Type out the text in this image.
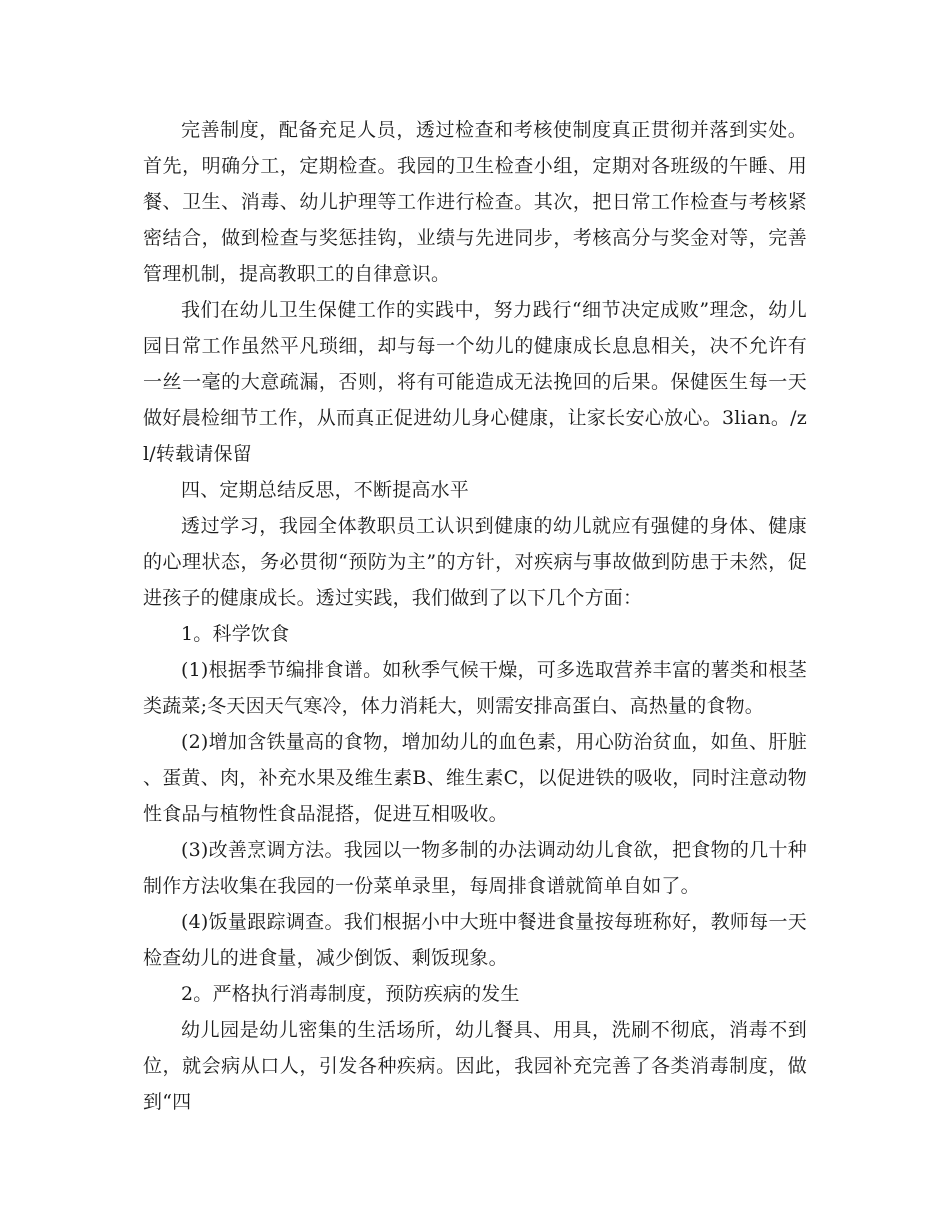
完善制度，配备充足人员，透过检查和考核使制度真正贯彻并落到实处。首先，明确分工，定期检查。我园的卫生检查小组，定期对各班级的午睡、用餐、卫生、消毒、幼儿护理等工作进行检查。其次，把日常工作检查与考核紧密结合，做到检查与奖惩挂钩，业绩与先进同步，考核高分与奖金对等，完善管理机制，提高教职工的自律意识。

我们在幼儿卫生保健工作的实践中，努力践行“细节决定成败”理念，幼儿园日常工作虽然平凡琐细，却与每一个幼儿的健康成长息息相关，决不允许有一丝一毫的大意疏漏，否则，将有可能造成无法挽回的后果。保健医生每一天做好晨检细节工作，从而真正促进幼儿身心健康，让家长安心放心。3lian。/zl/转载请保留

四、定期总结反思，不断提高水平

透过学习，我园全体教职员工认识到健康的幼儿就应有强健的身体、健康的心理状态，务必贯彻“预防为主”的方针，对疾病与事故做到防患于未然，促进孩子的健康成长。透过实践，我们做到了以下几个方面：

1。科学饮食

(1)根据季节编排食谱。如秋季气候干燥，可多选取营养丰富的薯类和根茎类蔬菜;冬天因天气寒冷，体力消耗大，则需安排高蛋白、高热量的食物。

(2)增加含铁量高的食物，增加幼儿的血色素，用心防治贫血，如鱼、肝脏、蛋黄、肉，补充水果及维生素B、维生素C，以促进铁的吸收，同时注意动物性食品与植物性食品混搭，促进互相吸收。

(3)改善烹调方法。我园以一物多制的办法调动幼儿食欲，把食物的几十种制作方法收集在我园的一份菜单录里，每周排食谱就简单自如了。

(4)饭量跟踪调查。我们根据小中大班中餐进食量按每班称好，教师每一天检查幼儿的进食量，减少倒饭、剩饭现象。

2。严格执行消毒制度，预防疾病的发生

幼儿园是幼儿密集的生活场所，幼儿餐具、用具，洗刷不彻底，消毒不到位，就会病从口人，引发各种疾病。因此，我园补充完善了各类消毒制度，做到“四
